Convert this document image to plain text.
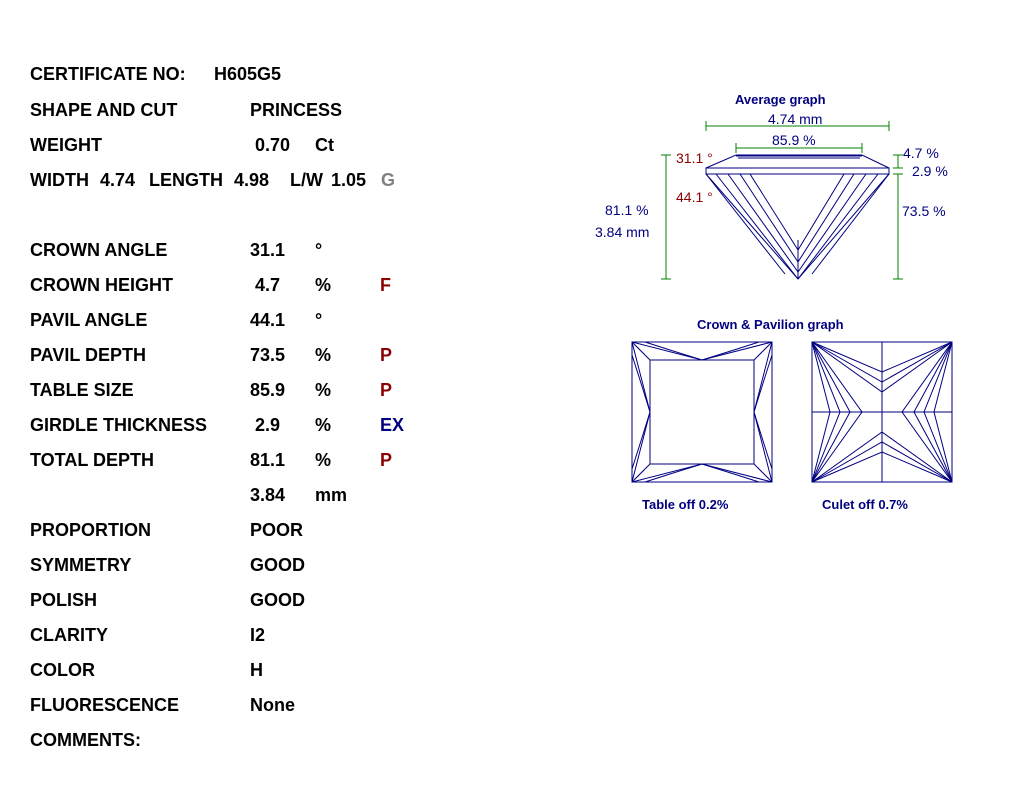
CERTIFICATE NO: H605G5
SHAPE AND CUT	PRINCESS
WEIGHT	0.70 Ct
WIDTH 4.74 LENGTH 4.98 L/W 1.05 G
CROWN ANGLE	31.1 °
CROWN HEIGHT	4.7 %	F
PAVIL ANGLE	44.1 °
PAVIL DEPTH	73.5 %	P
TABLE SIZE	85.9 %	P
GIRDLE THICKNESS	2.9 %	EX
TOTAL DEPTH	81.1 %	P
3.84 mm
PROPORTION	POOR
SYMMETRY	GOOD
POLISH	GOOD
CLARITY	I2
COLOR	H
FLUORESCENCE	None
COMMENTS:
Average graph
4.74 mm
85.9 %
31.1 °
44.1 °
4.7 %
2.9 %
73.5 %
81.1 %
3.84 mm
Crown & Pavilion graph
Table off 0.2%	Culet off 0.7%
